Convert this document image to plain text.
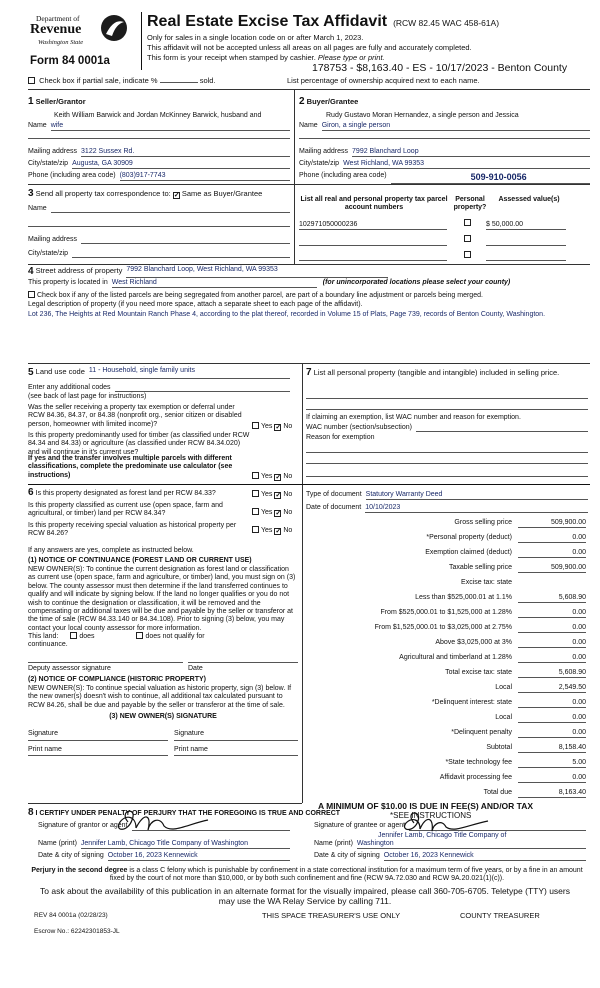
Department of
Revenue
Washington State
Form 84 0001a
Real Estate Excise Tax Affidavit (RCW 82.45 WAC 458-61A)
Only for sales in a single location code on or after March 1, 2023.
This affidavit will not be accepted unless all areas on all pages are fully and accurately completed.
This form is your receipt when stamped by cashier. Please type or print.
178753 - $8,163.40 - ES - 10/17/2023 - Benton County
Check box if partial sale, indicate %	sold.	List percentage of ownership acquired next to each name.
1 Seller/Grantor
Keith William Barwick and Jordan McKinney Barwick, husband and
Name wife
Mailing address 3122 Sussex Rd.
City/state/zip Augusta, GA 30909
Phone (including area code) (803)917-7743
2 Buyer/Grantee
Rudy Gustavo Moran Hernandez, a single person and Jessica
Name Giron, a single person
Mailing address 7992 Blanchard Loop
City/state/zip West Richland, WA 99353
Phone (including area code)	509-910-0056
3 Send all property tax correspondence to: ✓ Same as Buyer/Grantee
Name
Mailing address
City/state/zip
List all real and personal property tax parcel account numbers
Personal property?
Assessed value(s)
102971050000236	$ 50,000.00
4
Street address of property 7992 Blanchard Loop, West Richland, WA 99353
This property is located in West Richland	(for unincorporated locations please select your county)
Check box if any of the listed parcels are being segregated from another parcel, are part of a boundary line adjustment or parcels being merged.
Legal description of property (if you need more space, attach a separate sheet to each page of the affidavit).
Lot 236, The Heights at Red Mountain Ranch Phase 4, according to the plat thereof, recorded in Volume 15 of Plats, Page 739, records of Benton County, Washington.
5
Land use code 11 - Household, single family units
Enter any additional codes
(see back of last page for instructions)
Was the seller receiving a property tax exemption or deferral under RCW 84.36, 84.37, or 84.38 (nonprofit org., senior citizen or disabled person, homeowner with limited income)?	Yes ✓ No
Is this property predominantly used for timber (as classified under RCW 84.34 and 84.33) or agriculture (as classified under RCW 84.34.020) and will continue in it's current use?
If yes and the transfer involves multiple parcels with different classifications, complete the predominate use calculator (see instructions)	Yes ✓ No
7 List all personal property (tangible and intangible) included in selling price.
If claiming an exemption, list WAC number and reason for exemption.
WAC number (section/subsection)
Reason for exemption
6 Is this property designated as forest land per RCW 84.33?	Yes ✓ No
Is this property classified as current use (open space, farm and agricultural, or timber) land per RCW 84.34?	Yes ✓ No
Is this property receiving special valuation as historical property per RCW 84.26?	Yes ✓ No
If any answers are yes, complete as instructed below.
(1) NOTICE OF CONTINUANCE (FOREST LAND OR CURRENT USE)
NEW OWNER(S): To continue the current designation as forest land or classification as current use (open space, farm and agriculture, or timber) land, you must sign on (3) below. The county assessor must then determine if the land transferred continues to qualify and will indicate by signing below. If the land no longer qualifies or you do not wish to continue the designation or classification, it will be removed and the compensating or additional taxes will be due and payable by the seller or transferor at the time of sale (RCW 84.33.140 or 84.34.108). Prior to signing (3) below, you may contact your local county assessor for more information.
This land:	does	does not qualify for
continuance.
Deputy assessor signature	Date
(2) NOTICE OF COMPLIANCE (HISTORIC PROPERTY)
NEW OWNER(S): To continue special valuation as historic property, sign (3) below. If the new owner(s) doesn't wish to continue, all additional tax calculated pursuant to RCW 84.26, shall be due and payable by the seller or transferor at the time of sale.
(3) NEW OWNER(S) SIGNATURE
Signature	Signature
Print name	Print name
Type of document Statutory Warranty Deed
Date of document 10/10/2023
Gross selling price	509,900.00
*Personal property (deduct)	0.00
Exemption claimed (deduct)	0.00
Taxable selling price	509,900.00
Excise tax: state
Less than $525,000.01 at 1.1%	5,608.90
From $525,000.01 to $1,525,000 at 1.28%	0.00
From $1,525,000.01 to $3,025,000 at 2.75%	0.00
Above $3,025,000 at 3%	0.00
Agricultural and timberland at 1.28%	0.00
Total excise tax: state	5,608.90
Local	2,549.50
*Delinquent interest: state	0.00
Local	0.00
*Delinquent penalty	0.00
Subtotal	8,158.40
*State technology fee	5.00
Affidavit processing fee	0.00
Total due	8,163.40
A MINIMUM OF $10.00 IS DUE IN FEE(S) AND/OR TAX
*SEE INSTRUCTIONS
8 I CERTIFY UNDER PENALTY OF PERJURY THAT THE FOREGOING IS TRUE AND CORRECT
Signature of grantor or agent	Signature of grantee or agent
Name (print) Jennifer Lamb, Chicago Title Company of Washington
Jennifer Lamb, Chicago Title Company of
Name (print) Washington
Date & city of signing October 16, 2023 Kennewick	Date & city of signing October 16, 2023 Kennewick
Perjury in the second degree is a class C felony which is punishable by confinement in a state correctional institution for a maximum term of five years, or by a fine in an amount fixed by the court of not more than $10,000, or by both such confinement and fine (RCW 9A.72.030 and RCW 9A.20.021(1)(c)).
To ask about the availability of this publication in an alternate format for the visually impaired, please call 360-705-6705. Teletype (TTY) users may use the WA Relay Service by calling 711.
REV 84 0001a (02/28/23)	THIS SPACE TREASURER'S USE ONLY	COUNTY TREASURER
Escrow No.: 62242301853-JL
